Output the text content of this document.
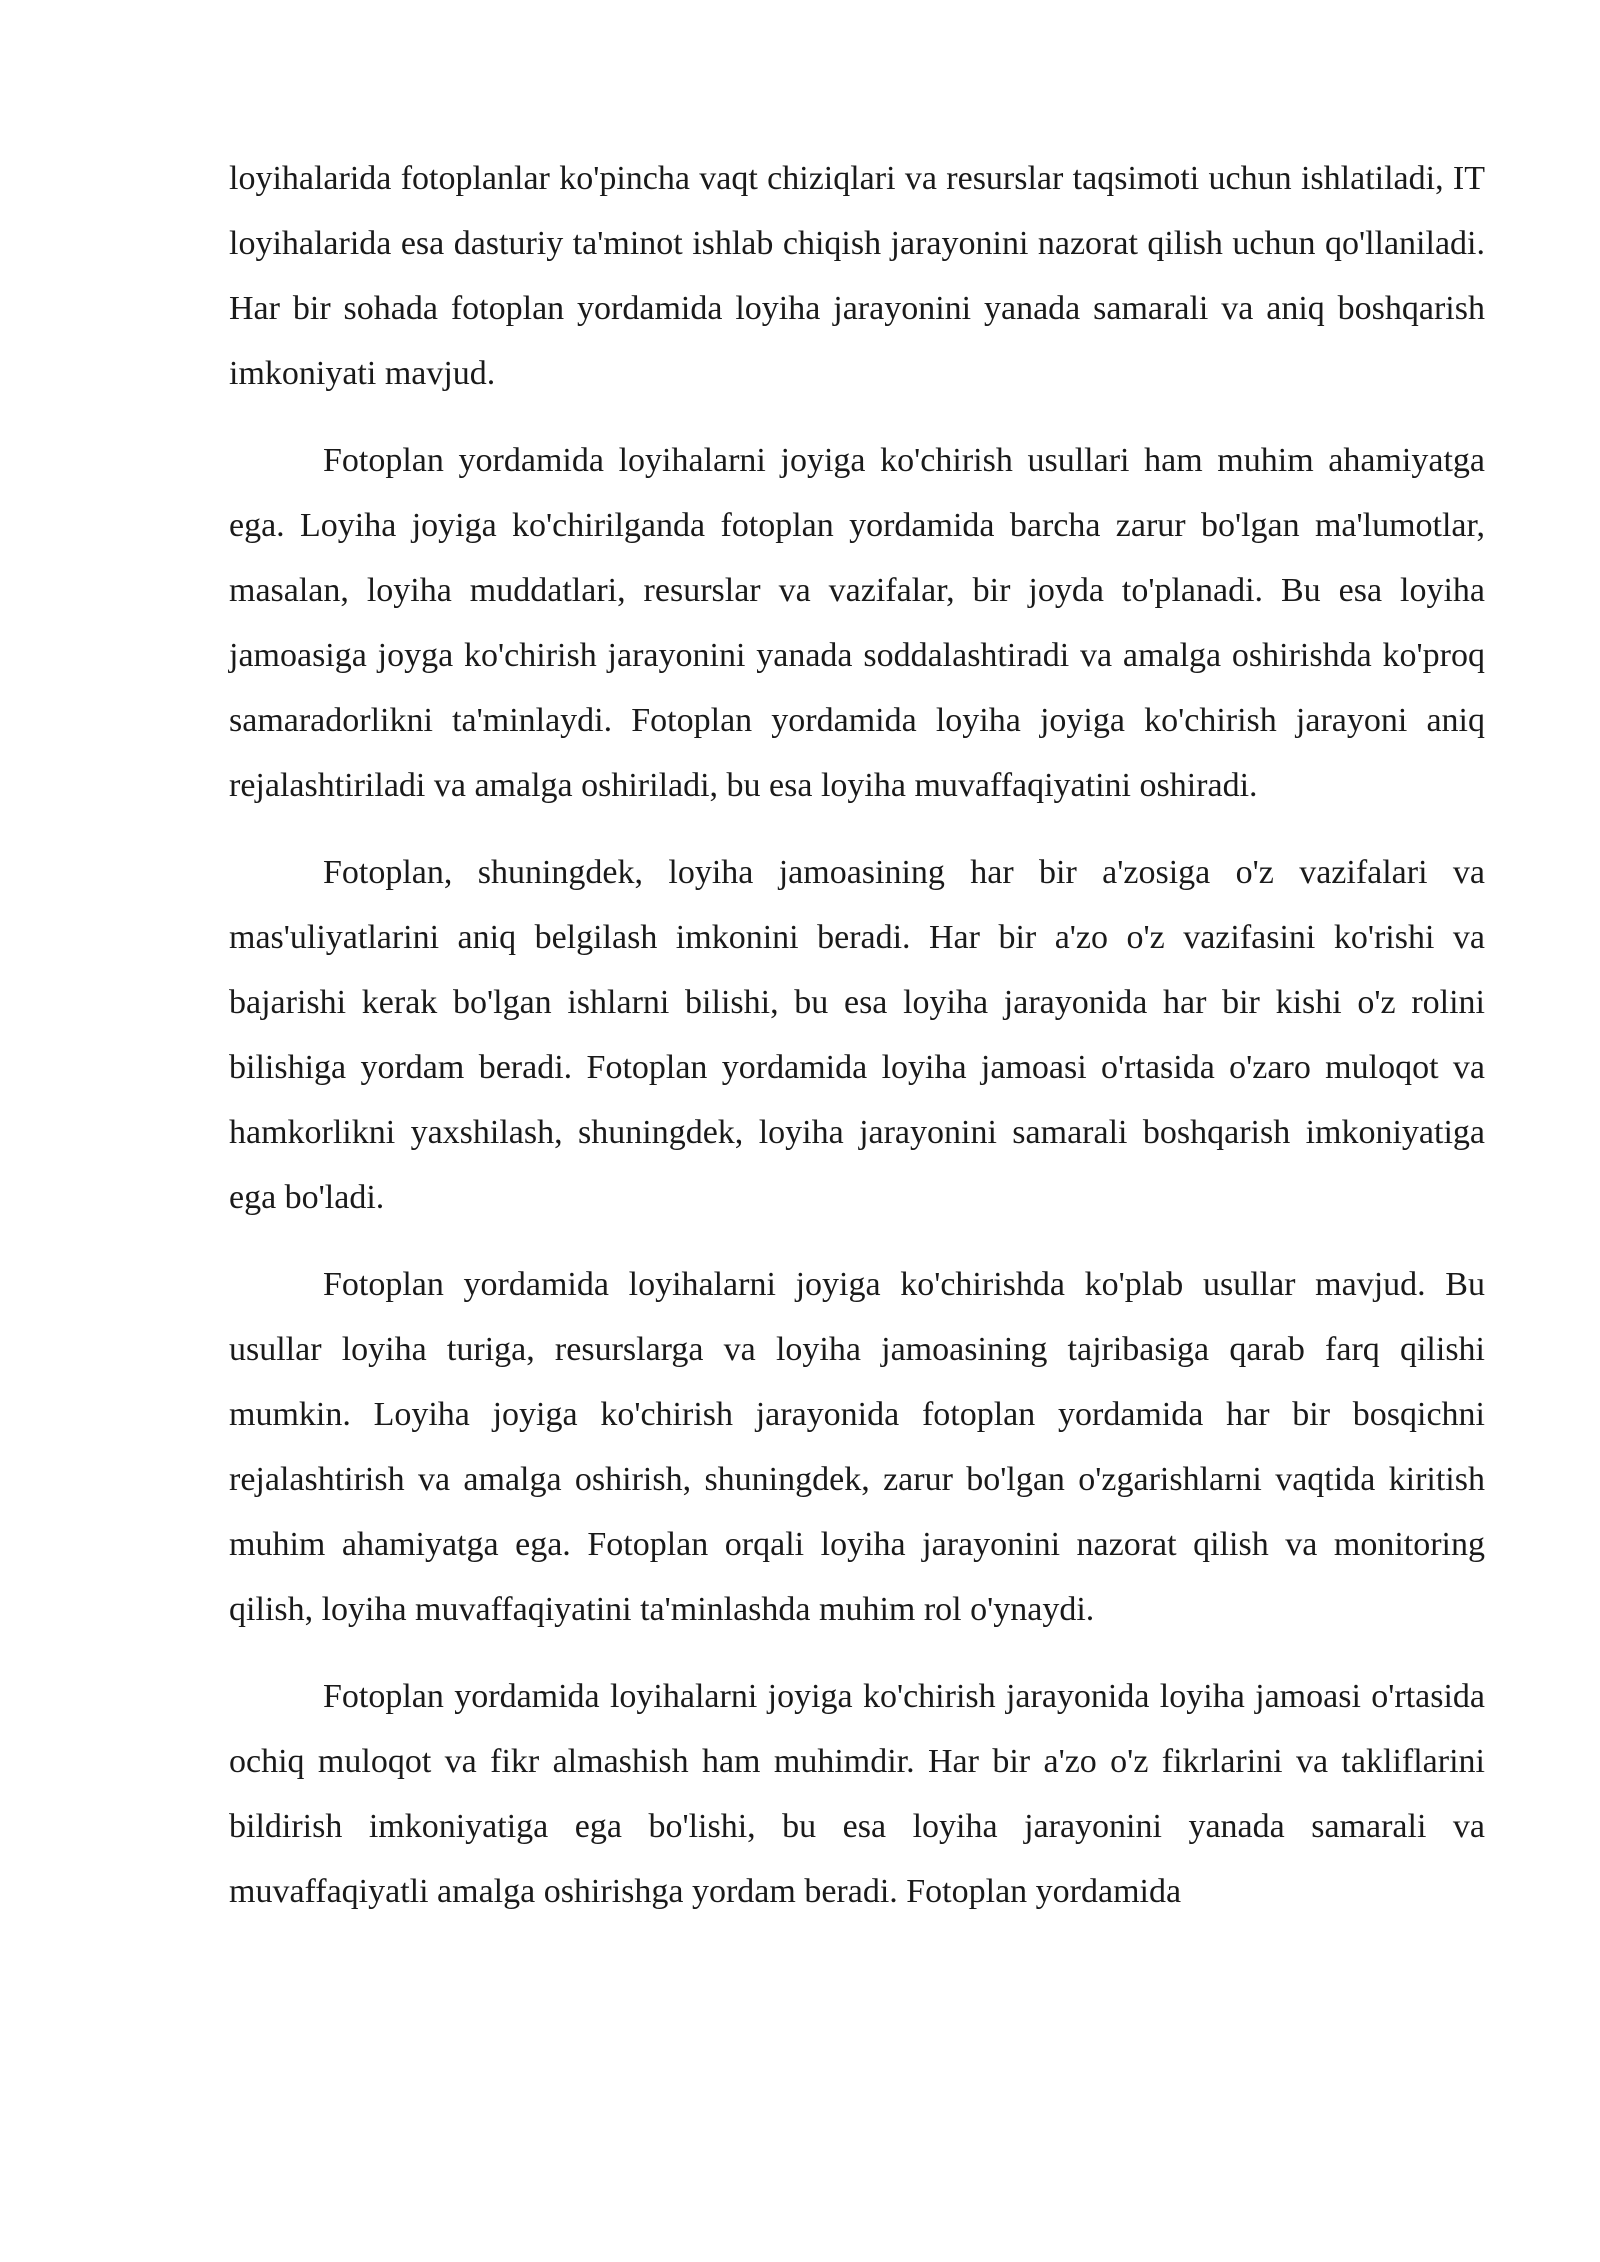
loyihalarida fotoplanlar ko'pincha vaqt chiziqlari va resurslar taqsimoti uchun ishlatiladi, IT loyihalarida esa dasturiy ta'minot ishlab chiqish jarayonini nazorat qilish uchun qo'llaniladi. Har bir sohada fotoplan yordamida loyiha jarayonini yanada samarali va aniq boshqarish imkoniyati mavjud.

Fotoplan yordamida loyihalarni joyiga ko'chirish usullari ham muhim ahamiyatga ega. Loyiha joyiga ko'chirilganda fotoplan yordamida barcha zarur bo'lgan ma'lumotlar, masalan, loyiha muddatlari, resurslar va vazifalar, bir joyda to'planadi. Bu esa loyiha jamoasiga joyga ko'chirish jarayonini yanada soddalashtiradi va amalga oshirishda ko'proq samaradorlikni ta'minlaydi. Fotoplan yordamida loyiha joyiga ko'chirish jarayoni aniq rejalashtiriladi va amalga oshiriladi, bu esa loyiha muvaffaqiyatini oshiradi.

Fotoplan, shuningdek, loyiha jamoasining har bir a'zosiga o'z vazifalari va mas'uliyatlarini aniq belgilash imkonini beradi. Har bir a'zo o'z vazifasini ko'rishi va bajarishi kerak bo'lgan ishlarni bilishi, bu esa loyiha jarayonida har bir kishi o'z rolini bilishiga yordam beradi. Fotoplan yordamida loyiha jamoasi o'rtasida o'zaro muloqot va hamkorlikni yaxshilash, shuningdek, loyiha jarayonini samarali boshqarish imkoniyatiga ega bo'ladi.

Fotoplan yordamida loyihalarni joyiga ko'chirishda ko'plab usullar mavjud. Bu usullar loyiha turiga, resurslarga va loyiha jamoasining tajribasiga qarab farq qilishi mumkin. Loyiha joyiga ko'chirish jarayonida fotoplan yordamida har bir bosqichni rejalashtirish va amalga oshirish, shuningdek, zarur bo'lgan o'zgarishlarni vaqtida kiritish muhim ahamiyatga ega. Fotoplan orqali loyiha jarayonini nazorat qilish va monitoring qilish, loyiha muvaffaqiyatini ta'minlashda muhim rol o'ynaydi.

Fotoplan yordamida loyihalarni joyiga ko'chirish jarayonida loyiha jamoasi o'rtasida ochiq muloqot va fikr almashish ham muhimdir. Har bir a'zo o'z fikrlarini va takliflarini bildirish imkoniyatiga ega bo'lishi, bu esa loyiha jarayonini yanada samarali va muvaffaqiyatli amalga oshirishga yordam beradi. Fotoplan yordamida
